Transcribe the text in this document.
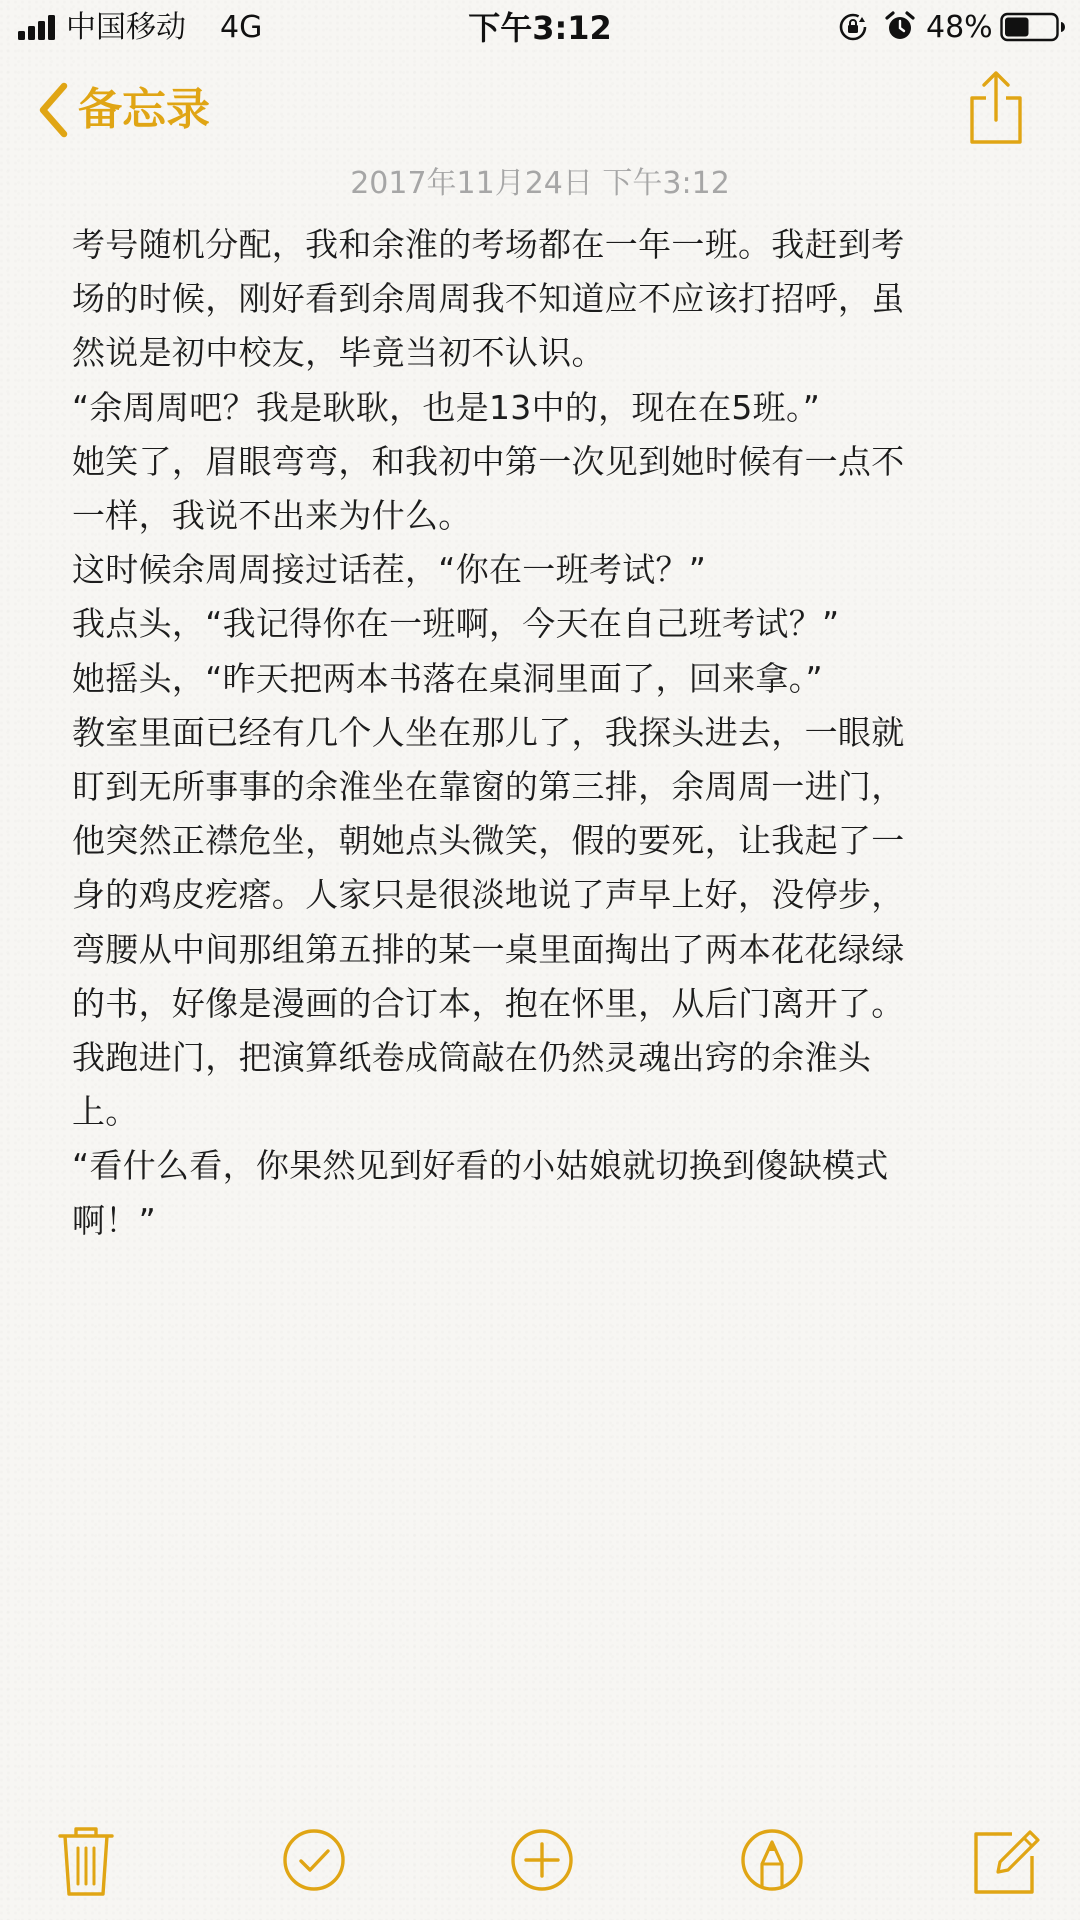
中国移动 4G	下午3:12	48%
备忘录
2017年11月24日 下午3:12
考号随机分配，我和余淮的考场都在一年一班。我赶到考
场的时候，刚好看到余周周我不知道应不应该打招呼，虽
然说是初中校友，毕竟当初不认识。
“余周周吧？我是耿耿，也是13中的，现在在5班。”
她笑了，眉眼弯弯，和我初中第一次见到她时候有一点不
一样，我说不出来为什么。
这时候余周周接过话茬，“你在一班考试？”
我点头，“我记得你在一班啊，今天在自己班考试？”
她摇头，“昨天把两本书落在桌洞里面了，回来拿。”
教室里面已经有几个人坐在那儿了，我探头进去，一眼就
盯到无所事事的余淮坐在靠窗的第三排，余周周一进门，
他突然正襟危坐，朝她点头微笑，假的要死，让我起了一
身的鸡皮疙瘩。人家只是很淡地说了声早上好，没停步，
弯腰从中间那组第五排的某一桌里面掏出了两本花花绿绿
的书，好像是漫画的合订本，抱在怀里，从后门离开了。
我跑进门，把演算纸卷成筒敲在仍然灵魂出窍的余淮头
上。
“看什么看，你果然见到好看的小姑娘就切换到傻缺模式
啊！”
